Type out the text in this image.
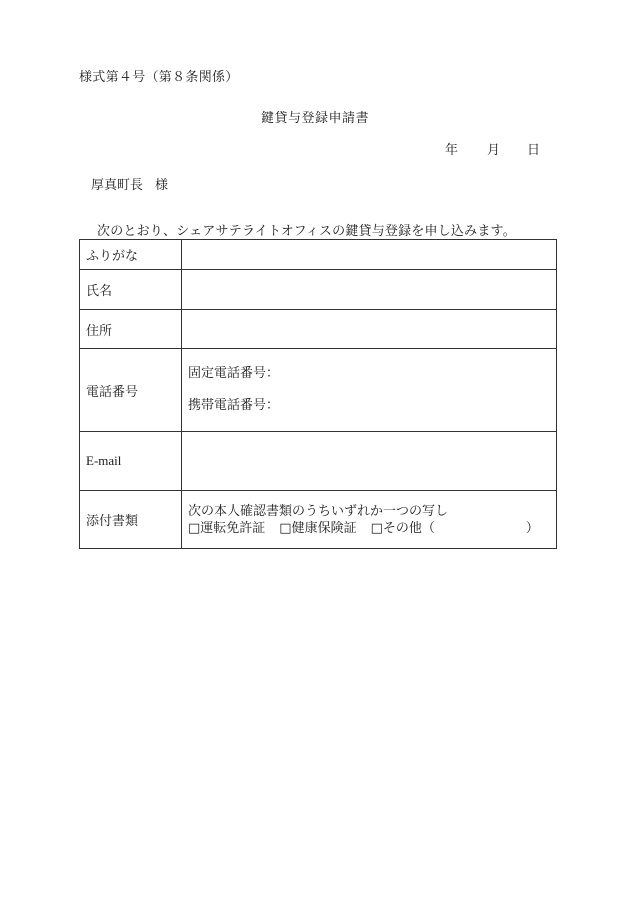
様式第４号（第８条関係）
鍵貸与登録申請書
年 月 日
厚真町長 様
次のとおり、シェアサテライトオフィスの鍵貸与登録を申し込みます。
ふりがな	
氏名	
住所	
電話番号	固定電話番号：
携帯電話番号：

E-mail	
添付書類	次の本人確認書類のうちいずれか一つの写し
□運転免許証 □健康保険証 □その他（　　　　　　　）
